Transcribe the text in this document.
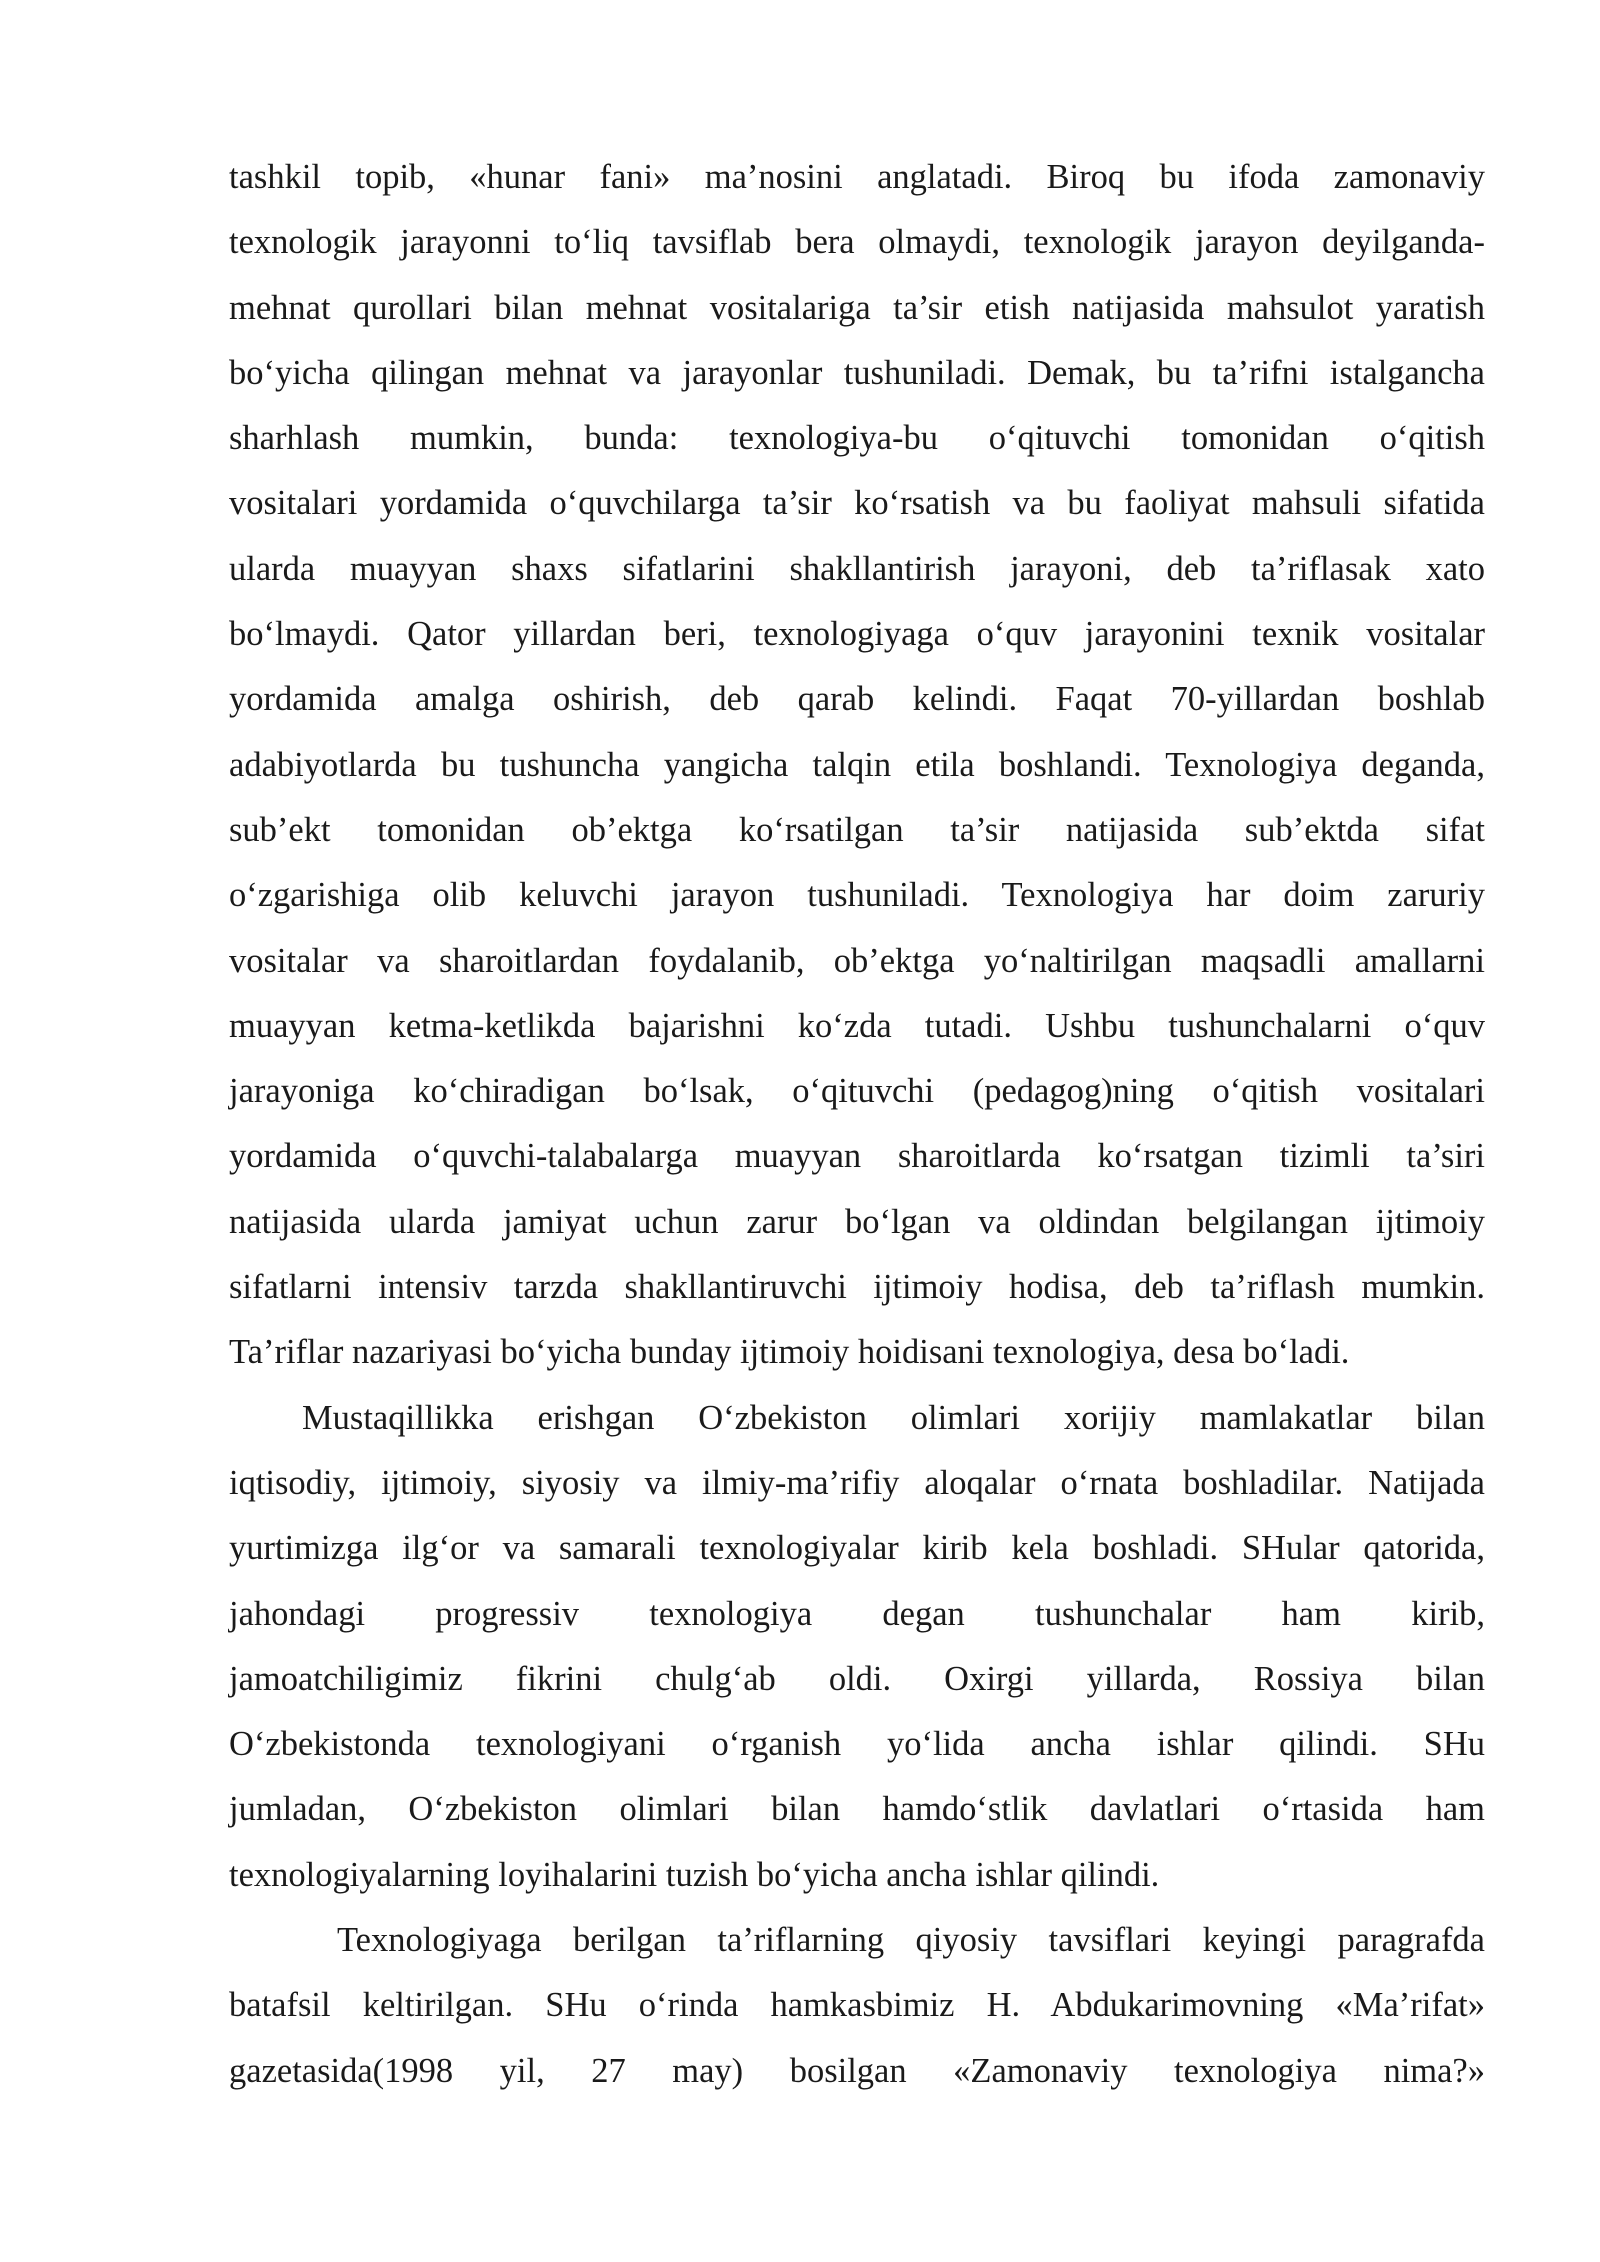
tashkil topib, «hunar fani» ma’nosini anglatadi. Biroq bu ifoda zamonaviy
texnologik jarayonni to‘liq tavsiflab bera olmaydi, texnologik jarayon deyilganda-
mehnat qurollari bilan mehnat vositalariga ta’sir etish natijasida mahsulot yaratish
bo‘yicha qilingan mehnat va jarayonlar tushuniladi. Demak, bu ta’rifni istalgancha
sharhlash mumkin, bunda: texnologiya-bu o‘qituvchi tomonidan o‘qitish
vositalari yordamida o‘quvchilarga ta’sir ko‘rsatish va bu faoliyat mahsuli sifatida
ularda muayyan shaxs sifatlarini shakllantirish jarayoni, deb ta’riflasak xato
bo‘lmaydi. Qator yillardan beri, texnologiyaga o‘quv jarayonini texnik vositalar
yordamida amalga oshirish, deb qarab kelindi. Faqat 70-yillardan boshlab
adabiyotlarda bu tushuncha yangicha talqin etila boshlandi. Texnologiya deganda,
sub’ekt tomonidan ob’ektga ko‘rsatilgan ta’sir natijasida sub’ektda sifat
o‘zgarishiga olib keluvchi jarayon tushuniladi. Texnologiya har doim zaruriy
vositalar va sharoitlardan foydalanib, ob’ektga yo‘naltirilgan maqsadli amallarni
muayyan ketma-ketlikda bajarishni ko‘zda tutadi. Ushbu tushunchalarni o‘quv
jarayoniga ko‘chiradigan bo‘lsak, o‘qituvchi (pedagog)ning o‘qitish vositalari
yordamida o‘quvchi-talabalarga muayyan sharoitlarda ko‘rsatgan tizimli ta’siri
natijasida ularda jamiyat uchun zarur bo‘lgan va oldindan belgilangan ijtimoiy
sifatlarni intensiv tarzda shakllantiruvchi ijtimoiy hodisa, deb ta’riflash mumkin.
Ta’riflar nazariyasi bo‘yicha bunday ijtimoiy hoidisani texnologiya, desa bo‘ladi.
Mustaqillikka erishgan O‘zbekiston olimlari xorijiy mamlakatlar bilan
iqtisodiy, ijtimoiy, siyosiy va ilmiy-ma’rifiy aloqalar o‘rnata boshladilar. Natijada
yurtimizga ilg‘or va samarali texnologiyalar kirib kela boshladi. SHular qatorida,
jahondagi progressiv texnologiya degan tushunchalar ham kirib,
jamoatchiligimiz fikrini chulg‘ab oldi. Oxirgi yillarda, Rossiya bilan
O‘zbekistonda texnologiyani o‘rganish yo‘lida ancha ishlar qilindi. SHu
jumladan, O‘zbekiston olimlari bilan hamdo‘stlik davlatlari o‘rtasida ham
texnologiyalarning loyihalarini tuzish bo‘yicha ancha ishlar qilindi.
Texnologiyaga berilgan ta’riflarning qiyosiy tavsiflari keyingi paragrafda
batafsil keltirilgan. SHu o‘rinda hamkasbimiz H. Abdukarimovning «Ma’rifat»
gazetasida(1998 yil, 27 may) bosilgan «Zamonaviy texnologiya nima?»
